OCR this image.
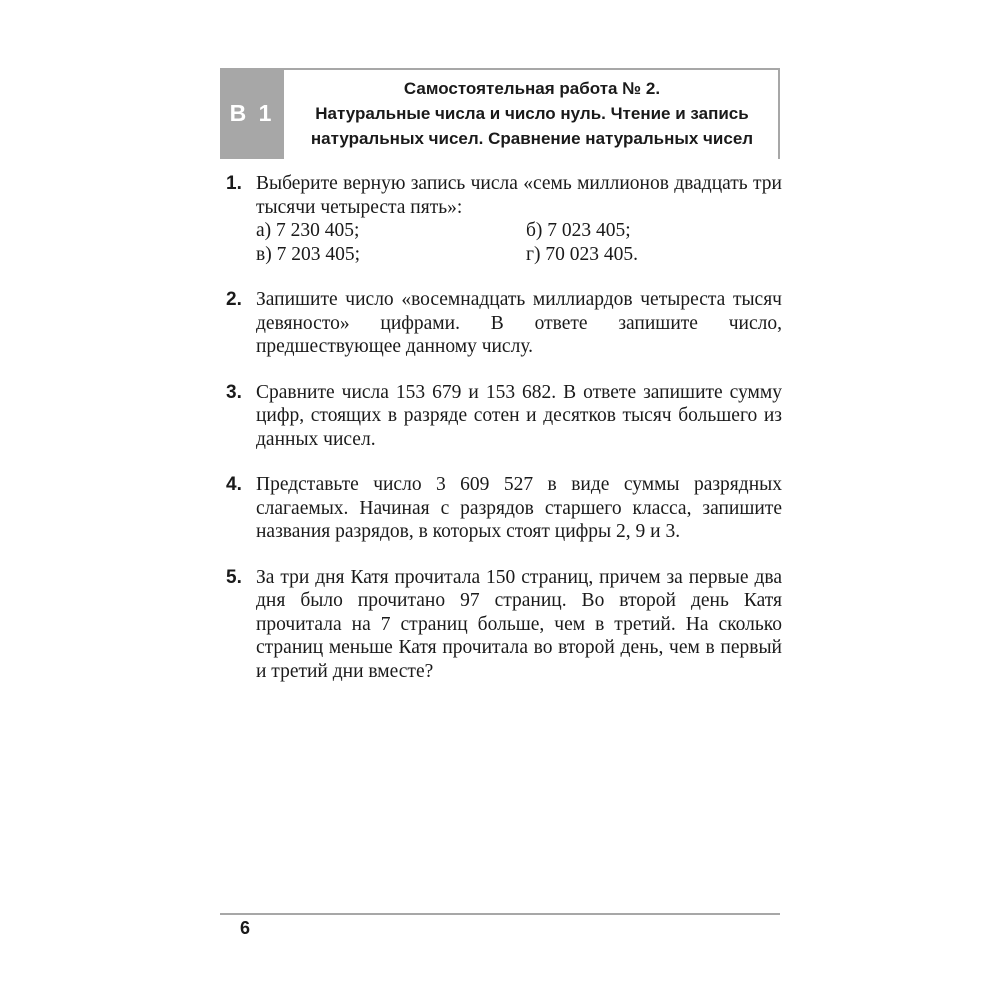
В 1
Самостоятельная работа № 2.
Натуральные числа и число нуль. Чтение и запись
натуральных чисел. Сравнение натуральных чисел
1. Выберите верную запись числа «семь миллионов двадцать три тысячи четыреста пять»:
а) 7 230 405;	б) 7 023 405;
в) 7 203 405;	г) 70 023 405.
2. Запишите число «восемнадцать миллиардов четыреста тысяч девяносто» цифрами. В ответе запишите число, предшествующее данному числу.
3. Сравните числа 153 679 и 153 682. В ответе запишите сумму цифр, стоящих в разряде сотен и десятков тысяч большего из данных чисел.
4. Представьте число 3 609 527 в виде суммы разрядных слагаемых. Начиная с разрядов старшего класса, запишите названия разрядов, в которых стоят цифры 2, 9 и 3.
5. За три дня Катя прочитала 150 страниц, причем за первые два дня было прочитано 97 страниц. Во второй день Катя прочитала на 7 страниц больше, чем в третий. На сколько страниц меньше Катя прочитала во второй день, чем в первый и третий дни вместе?
6
